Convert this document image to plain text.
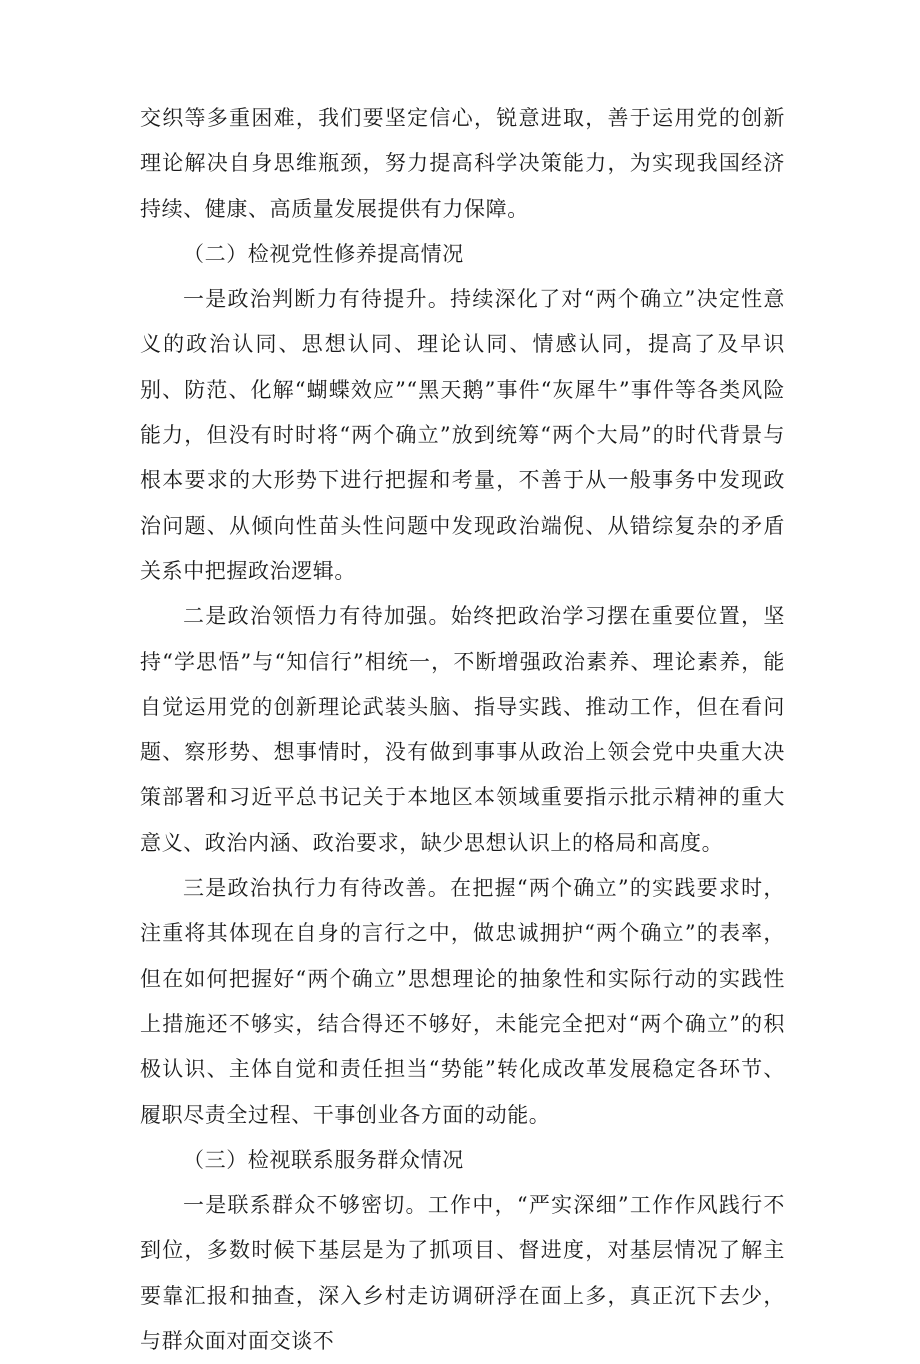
交织等多重困难，我们要坚定信心，锐意进取，善于运用党的创新理论解决自身思维瓶颈，努力提高科学决策能力，为实现我国经济持续、健康、高质量发展提供有力保障。

（二）检视党性修养提高情况

一是政治判断力有待提升。持续深化了对“两个确立”决定性意义的政治认同、思想认同、理论认同、情感认同，提高了及早识别、防范、化解“蝴蝶效应”“黑天鹅”事件“灰犀牛”事件等各类风险能力，但没有时时将“两个确立”放到统筹“两个大局”的时代背景与根本要求的大形势下进行把握和考量，不善于从一般事务中发现政治问题、从倾向性苗头性问题中发现政治端倪、从错综复杂的矛盾关系中把握政治逻辑。

二是政治领悟力有待加强。始终把政治学习摆在重要位置，坚持“学思悟”与“知信行”相统一，不断增强政治素养、理论素养，能自觉运用党的创新理论武装头脑、指导实践、推动工作，但在看问题、察形势、想事情时，没有做到事事从政治上领会党中央重大决策部署和习近平总书记关于本地区本领域重要指示批示精神的重大意义、政治内涵、政治要求，缺少思想认识上的格局和高度。

三是政治执行力有待改善。在把握“两个确立”的实践要求时，注重将其体现在自身的言行之中，做忠诚拥护“两个确立”的表率，但在如何把握好“两个确立”思想理论的抽象性和实际行动的实践性上措施还不够实，结合得还不够好，未能完全把对“两个确立”的积极认识、主体自觉和责任担当“势能”转化成改革发展稳定各环节、履职尽责全过程、干事创业各方面的动能。

（三）检视联系服务群众情况

一是联系群众不够密切。工作中，“严实深细”工作作风践行不到位，多数时候下基层是为了抓项目、督进度，对基层情况了解主要靠汇报和抽查，深入乡村走访调研浮在面上多，真正沉下去少，与群众面对面交谈不
